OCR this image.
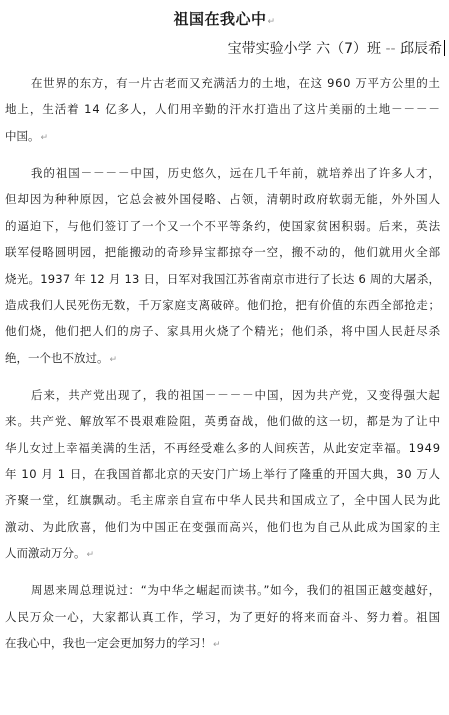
祖国在我心中↵
宝带实验小学 六（7）班 -- 邱辰希
在世界的东方，有一片古老而又充满活力的土地，在这 960 万平方公里的土
地上，生活着 14 亿多人，人们用辛勤的汗水打造出了这片美丽的土地－－－－
中国。↵
我的祖国－－－－中国，历史悠久，远在几千年前，就培养出了许多人才，
但却因为种种原因，它总会被外国侵略、占领，清朝时政府软弱无能，外外国人
的逼迫下，与他们签订了一个又一个不平等条约，使国家贫困积弱。后来，英法
联军侵略圆明园，把能搬动的奇珍异宝都掠夺一空，搬不动的，他们就用火全部
烧光。1937 年 12 月 13 日，日军对我国江苏省南京市进行了长达 6 周的大屠杀，
造成我们人民死伤无数，千万家庭支离破碎。他们抢，把有价值的东西全部抢走；
他们烧，他们把人们的房子、家具用火烧了个精光；他们杀，将中国人民赶尽杀
绝，一个也不放过。↵
后来，共产党出现了，我的祖国－－－－中国，因为共产党，又变得强大起
来。共产党、解放军不畏艰难险阻，英勇奋战，他们做的这一切，都是为了让中
华儿女过上幸福美满的生活，不再经受难么多的人间疾苦，从此安定幸福。1949
年 10 月 1 日，在我国首都北京的天安门广场上举行了隆重的开国大典，30 万人
齐聚一堂，红旗飘动。毛主席亲自宣布中华人民共和国成立了，全中国人民为此
激动、为此欣喜，他们为中国正在变强而高兴，他们也为自己从此成为国家的主
人而激动万分。↵
周恩来周总理说过：“为中华之崛起而读书。”如今，我们的祖国正越变越好，
人民万众一心，大家都认真工作，学习，为了更好的将来而奋斗、努力着。祖国
在我心中，我也一定会更加努力的学习！↵
